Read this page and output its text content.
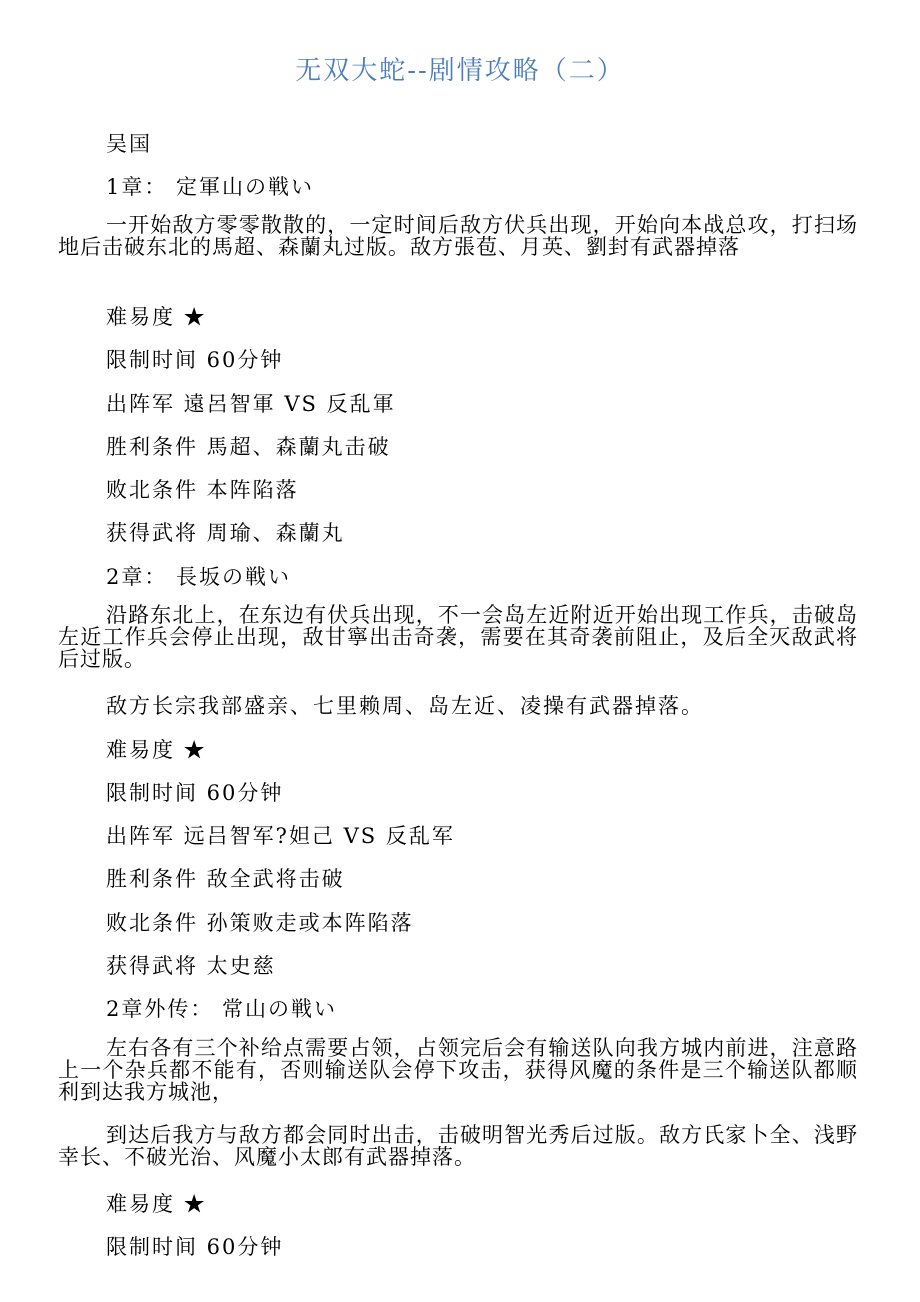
无双大蛇--剧情攻略（二）
吴国
1章： 定軍山の戦い
一开始敌方零零散散的，一定时间后敌方伏兵出现，开始向本战总攻，打扫场地后击破东北的馬超、森蘭丸过版。敌方張苞、月英、劉封有武器掉落
难易度 ★
限制时间 60分钟
出阵军 遠呂智軍 VS 反乱軍
胜利条件 馬超、森蘭丸击破
败北条件 本阵陷落
获得武将 周瑜、森蘭丸
2章： 長坂の戦い
沿路东北上，在东边有伏兵出现，不一会岛左近附近开始出现工作兵，击破岛左近工作兵会停止出现，敌甘寧出击奇袭，需要在其奇袭前阻止，及后全灭敌武将后过版。
敌方长宗我部盛亲、七里赖周、岛左近、凌操有武器掉落。
难易度 ★
限制时间 60分钟
出阵军 远吕智军?妲己 VS 反乱军
胜利条件 敌全武将击破
败北条件 孙策败走或本阵陷落
获得武将 太史慈
2章外传： 常山の戦い
左右各有三个补给点需要占领，占领完后会有输送队向我方城内前进，注意路上一个杂兵都不能有，否则输送队会停下攻击，获得风魔的条件是三个输送队都顺利到达我方城池，
到达后我方与敌方都会同时出击，击破明智光秀后过版。敌方氏家卜全、浅野幸长、不破光治、风魔小太郎有武器掉落。
难易度 ★
限制时间 60分钟
